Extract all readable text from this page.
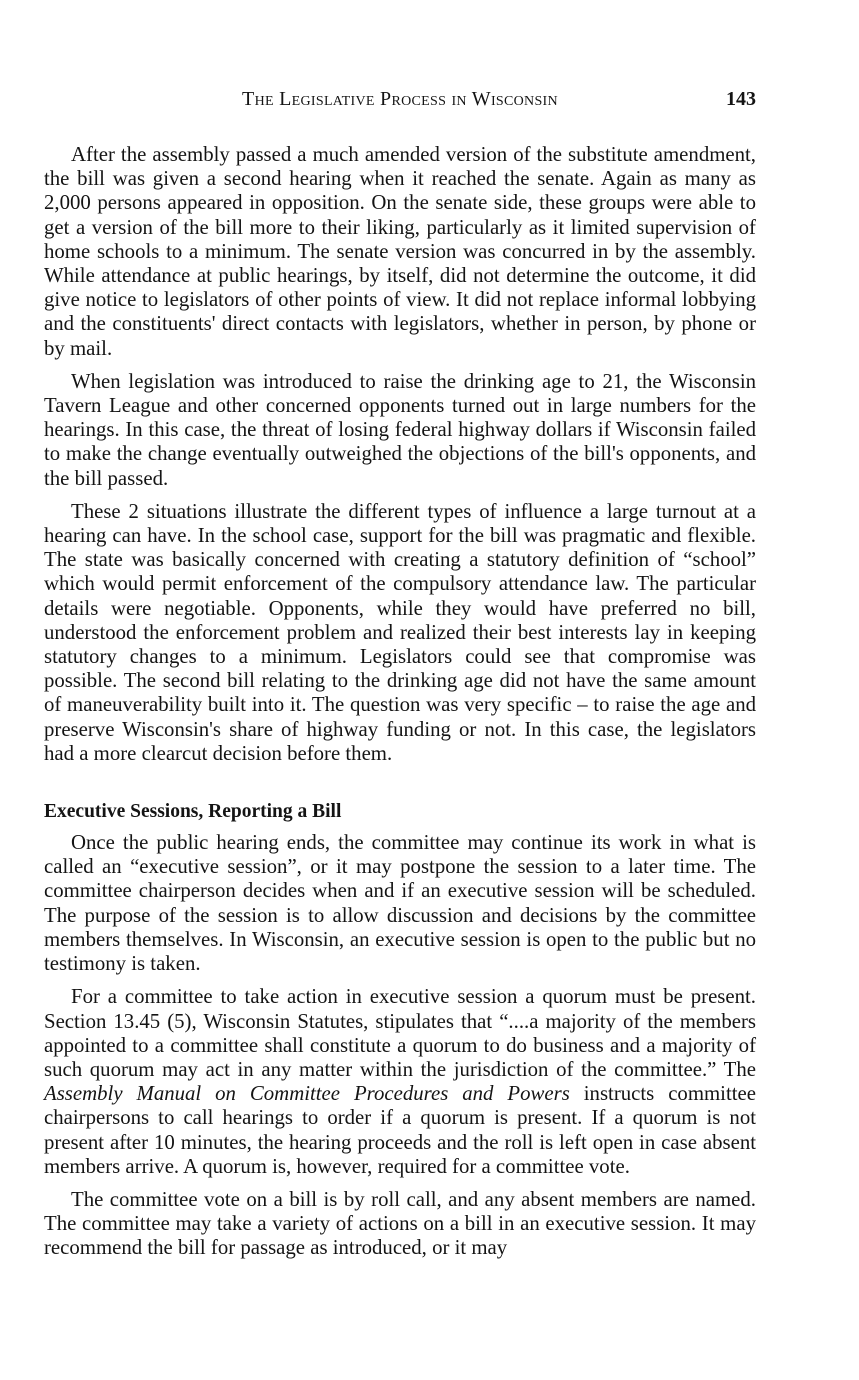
The Legislative Process in Wisconsin	143

After the assembly passed a much amended version of the substitute amendment, the bill was given a second hearing when it reached the senate. Again as many as 2,000 persons appeared in opposition. On the senate side, these groups were able to get a version of the bill more to their liking, particularly as it limited supervision of home schools to a minimum. The senate version was concurred in by the assembly. While attendance at public hearings, by itself, did not determine the outcome, it did give notice to legislators of other points of view. It did not replace informal lobbying and the constituents' direct contacts with legislators, whether in person, by phone or by mail.

When legislation was introduced to raise the drinking age to 21, the Wisconsin Tavern League and other concerned opponents turned out in large numbers for the hearings. In this case, the threat of losing federal highway dollars if Wisconsin failed to make the change eventually outweighed the objections of the bill's opponents, and the bill passed.

These 2 situations illustrate the different types of influence a large turnout at a hearing can have. In the school case, support for the bill was pragmatic and flexible. The state was basically concerned with creating a statutory definition of “school” which would permit enforcement of the compulsory attendance law. The particular details were negotiable. Opponents, while they would have preferred no bill, understood the enforcement problem and realized their best interests lay in keeping statutory changes to a minimum. Legislators could see that compromise was possible. The second bill relating to the drinking age did not have the same amount of maneuverability built into it. The question was very specific – to raise the age and preserve Wisconsin's share of highway funding or not. In this case, the legislators had a more clearcut decision before them.

Executive Sessions, Reporting a Bill

Once the public hearing ends, the committee may continue its work in what is called an “executive session”, or it may postpone the session to a later time. The committee chairperson decides when and if an executive session will be scheduled. The purpose of the session is to allow discussion and decisions by the committee members themselves. In Wisconsin, an executive session is open to the public but no testimony is taken.

For a committee to take action in executive session a quorum must be present. Section 13.45 (5), Wisconsin Statutes, stipulates that “....a majority of the members appointed to a committee shall constitute a quorum to do business and a majority of such quorum may act in any matter within the jurisdiction of the committee.” The Assembly Manual on Committee Procedures and Powers instructs committee chairpersons to call hearings to order if a quorum is present. If a quorum is not present after 10 minutes, the hearing proceeds and the roll is left open in case absent members arrive. A quorum is, however, required for a committee vote.

The committee vote on a bill is by roll call, and any absent members are named. The committee may take a variety of actions on a bill in an executive session. It may recommend the bill for passage as introduced, or it may
